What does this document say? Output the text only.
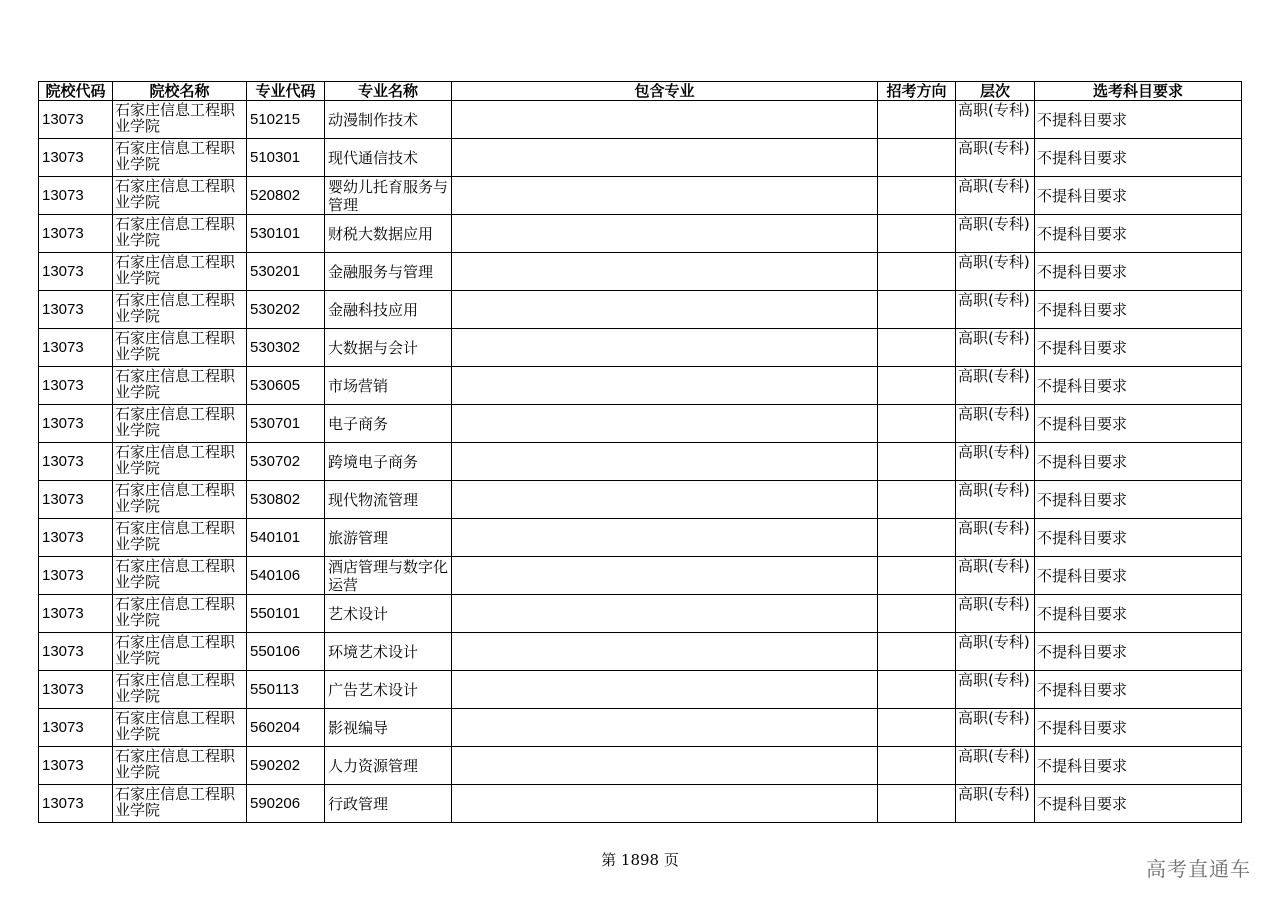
院校代码	院校名称	专业代码	专业名称	包含专业	招考方向	层次	选考科目要求
13073	石家庄信息工程职业学院	510215	动漫制作技术			高职(专科)	不提科目要求
13073	石家庄信息工程职业学院	510301	现代通信技术			高职(专科)	不提科目要求
13073	石家庄信息工程职业学院	520802	婴幼儿托育服务与管理			高职(专科)	不提科目要求
13073	石家庄信息工程职业学院	530101	财税大数据应用			高职(专科)	不提科目要求
13073	石家庄信息工程职业学院	530201	金融服务与管理			高职(专科)	不提科目要求
13073	石家庄信息工程职业学院	530202	金融科技应用			高职(专科)	不提科目要求
13073	石家庄信息工程职业学院	530302	大数据与会计			高职(专科)	不提科目要求
13073	石家庄信息工程职业学院	530605	市场营销			高职(专科)	不提科目要求
13073	石家庄信息工程职业学院	530701	电子商务			高职(专科)	不提科目要求
13073	石家庄信息工程职业学院	530702	跨境电子商务			高职(专科)	不提科目要求
13073	石家庄信息工程职业学院	530802	现代物流管理			高职(专科)	不提科目要求
13073	石家庄信息工程职业学院	540101	旅游管理			高职(专科)	不提科目要求
13073	石家庄信息工程职业学院	540106	酒店管理与数字化运营			高职(专科)	不提科目要求
13073	石家庄信息工程职业学院	550101	艺术设计			高职(专科)	不提科目要求
13073	石家庄信息工程职业学院	550106	环境艺术设计			高职(专科)	不提科目要求
13073	石家庄信息工程职业学院	550113	广告艺术设计			高职(专科)	不提科目要求
13073	石家庄信息工程职业学院	560204	影视编导			高职(专科)	不提科目要求
13073	石家庄信息工程职业学院	590202	人力资源管理			高职(专科)	不提科目要求
13073	石家庄信息工程职业学院	590206	行政管理			高职(专科)	不提科目要求
第 1898 页	高考直通车
